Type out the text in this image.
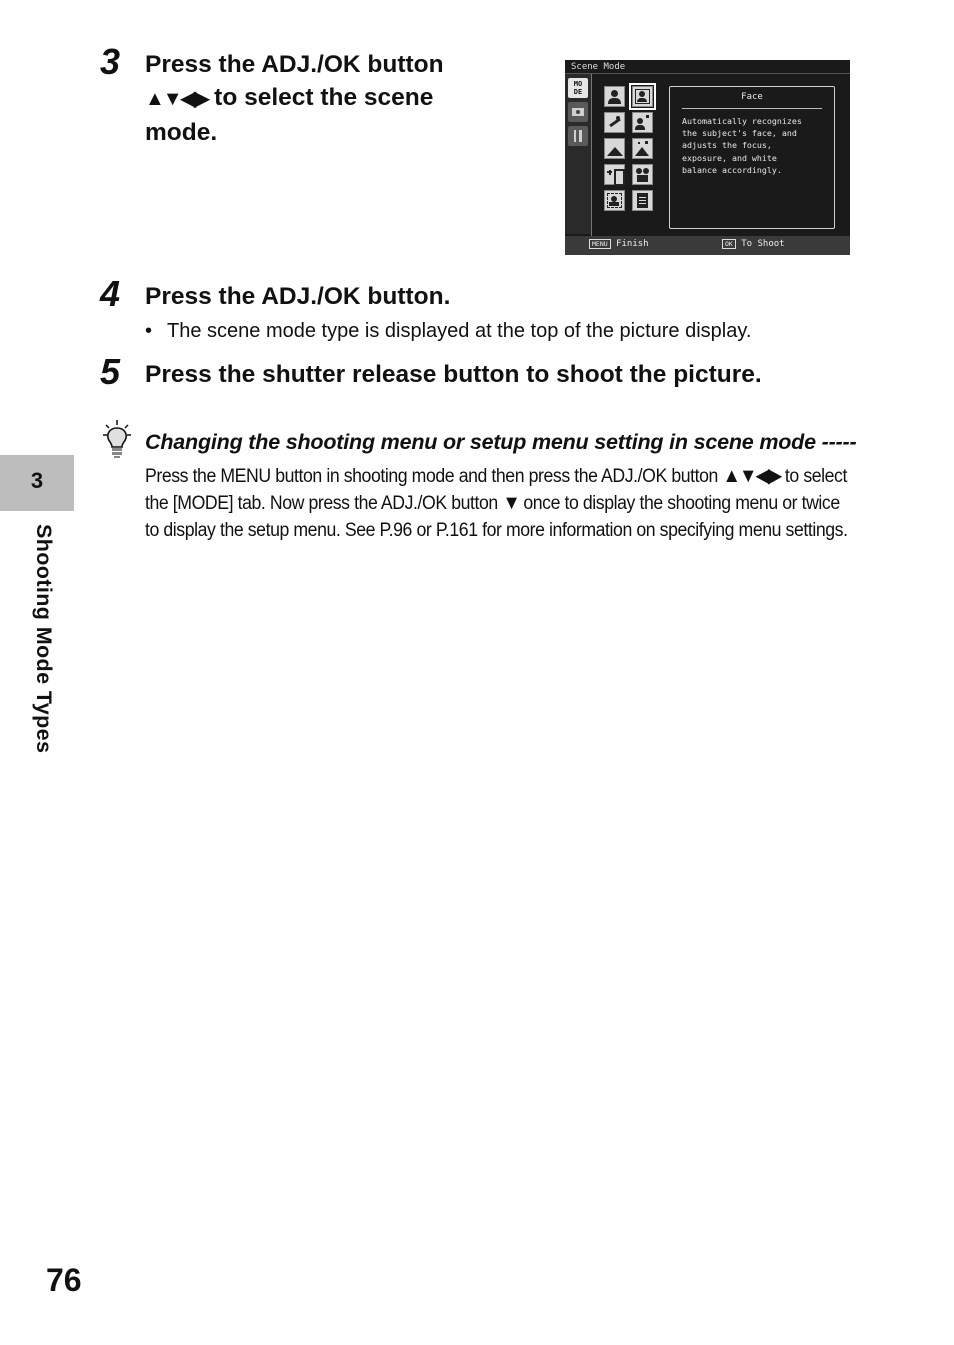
3 Press the ADJ./OK button
▲▼◀▶ to select the scene
mode.
Scene Mode
MO DE	Face
Automatically recognizes
the subject's face, and
adjusts the focus,
exposure, and white
balance accordingly.
MENU Finish	OK To Shoot
4 Press the ADJ./OK button.
• The scene mode type is displayed at the top of the picture display.
5 Press the shutter release button to shoot the picture.
Changing the shooting menu or setup menu setting in scene mode -----
Press the MENU button in shooting mode and then press the ADJ./OK button ▲▼◀▶ to select the [MODE] tab. Now press the ADJ./OK button ▼ once to display the shooting menu or twice to display the setup menu. See P.96 or P.161 for more information on specifying menu settings.
3
Shooting Mode Types
76
